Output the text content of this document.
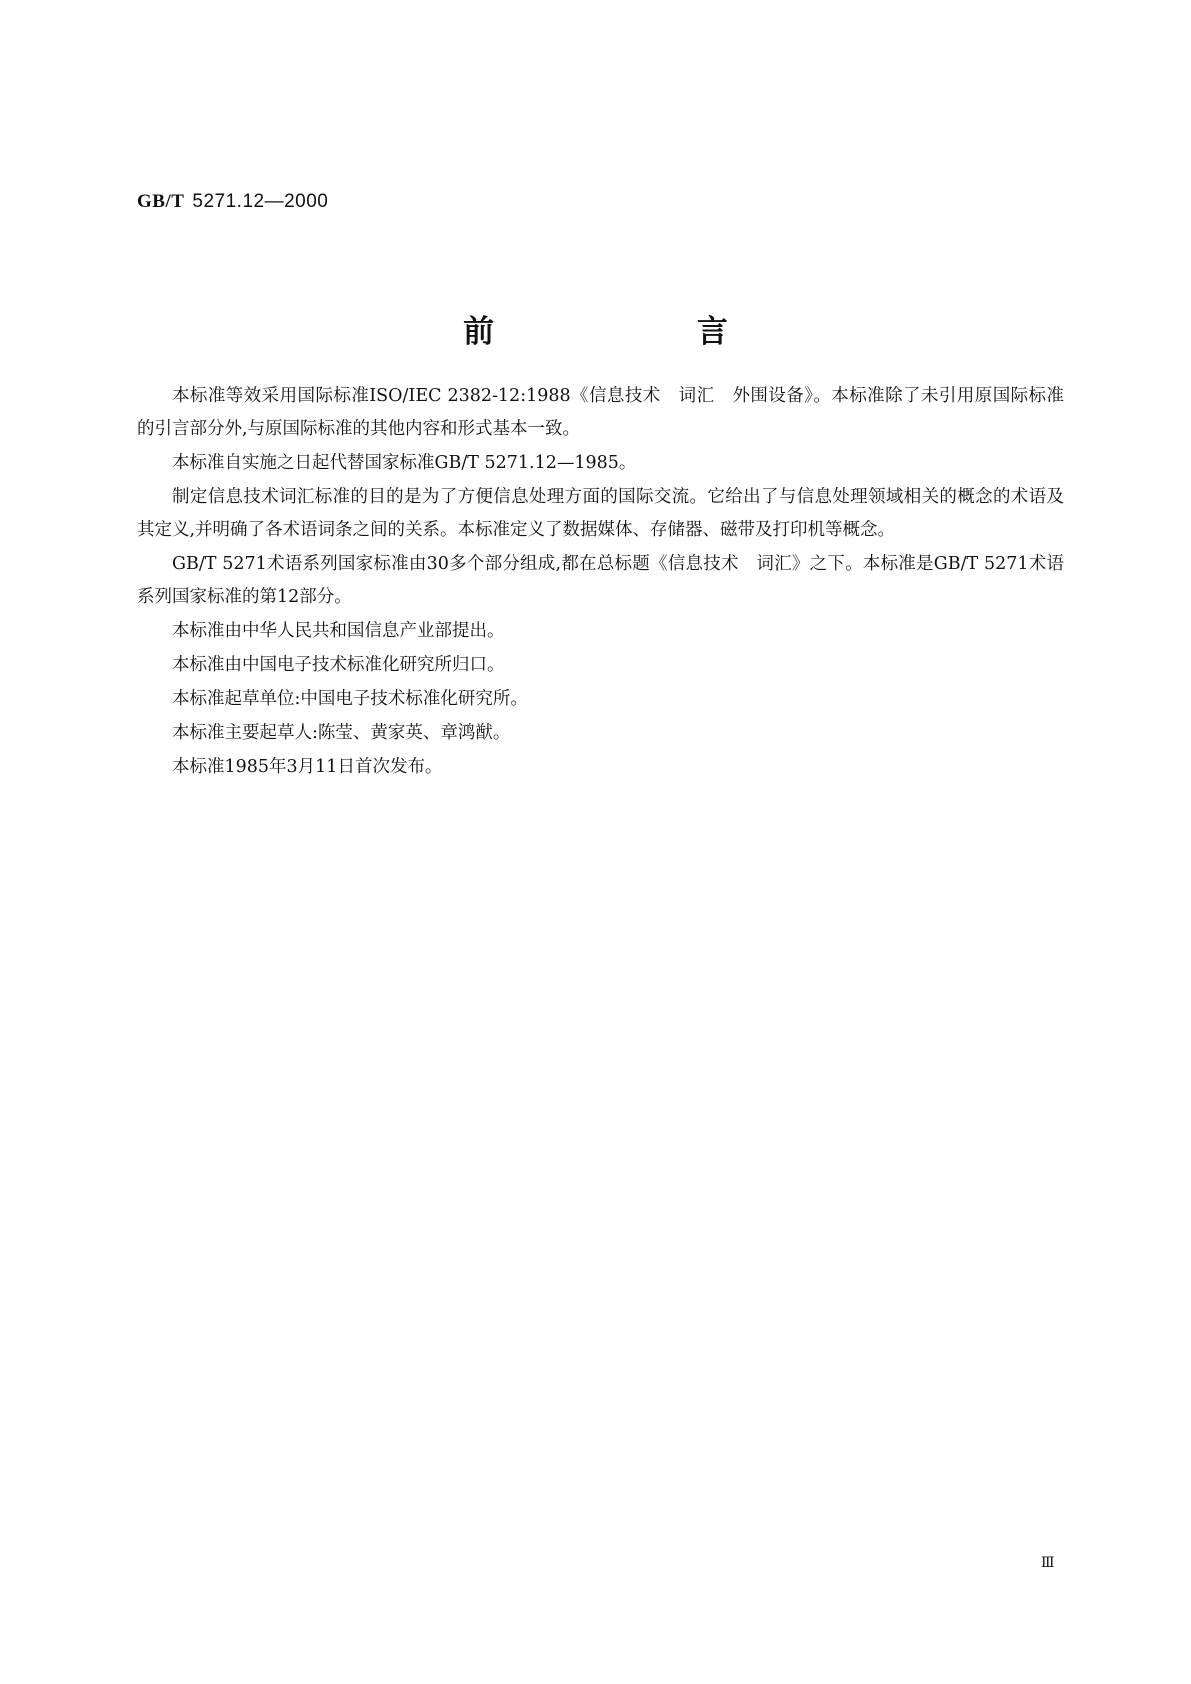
GB/T 5271.12—2000
前 言

本标准等效采用国际标准ISO/IEC 2382-12:1988《信息技术　词汇　外围设备》。本标准除了未引用原国际标准的引言部分外,与原国际标准的其他内容和形式基本一致。

本标准自实施之日起代替国家标准GB/T 5271.12—1985。

制定信息技术词汇标准的目的是为了方便信息处理方面的国际交流。它给出了与信息处理领域相关的概念的术语及其定义,并明确了各术语词条之间的关系。本标准定义了数据媒体、存储器、磁带及打印机等概念。

GB/T 5271术语系列国家标准由30多个部分组成,都在总标题《信息技术　词汇》之下。本标准是GB/T 5271术语系列国家标准的第12部分。

本标准由中华人民共和国信息产业部提出。

本标准由中国电子技术标准化研究所归口。

本标准起草单位:中国电子技术标准化研究所。

本标准主要起草人:陈莹、黄家英、章鸿猷。

本标准1985年3月11日首次发布。

Ⅲ
